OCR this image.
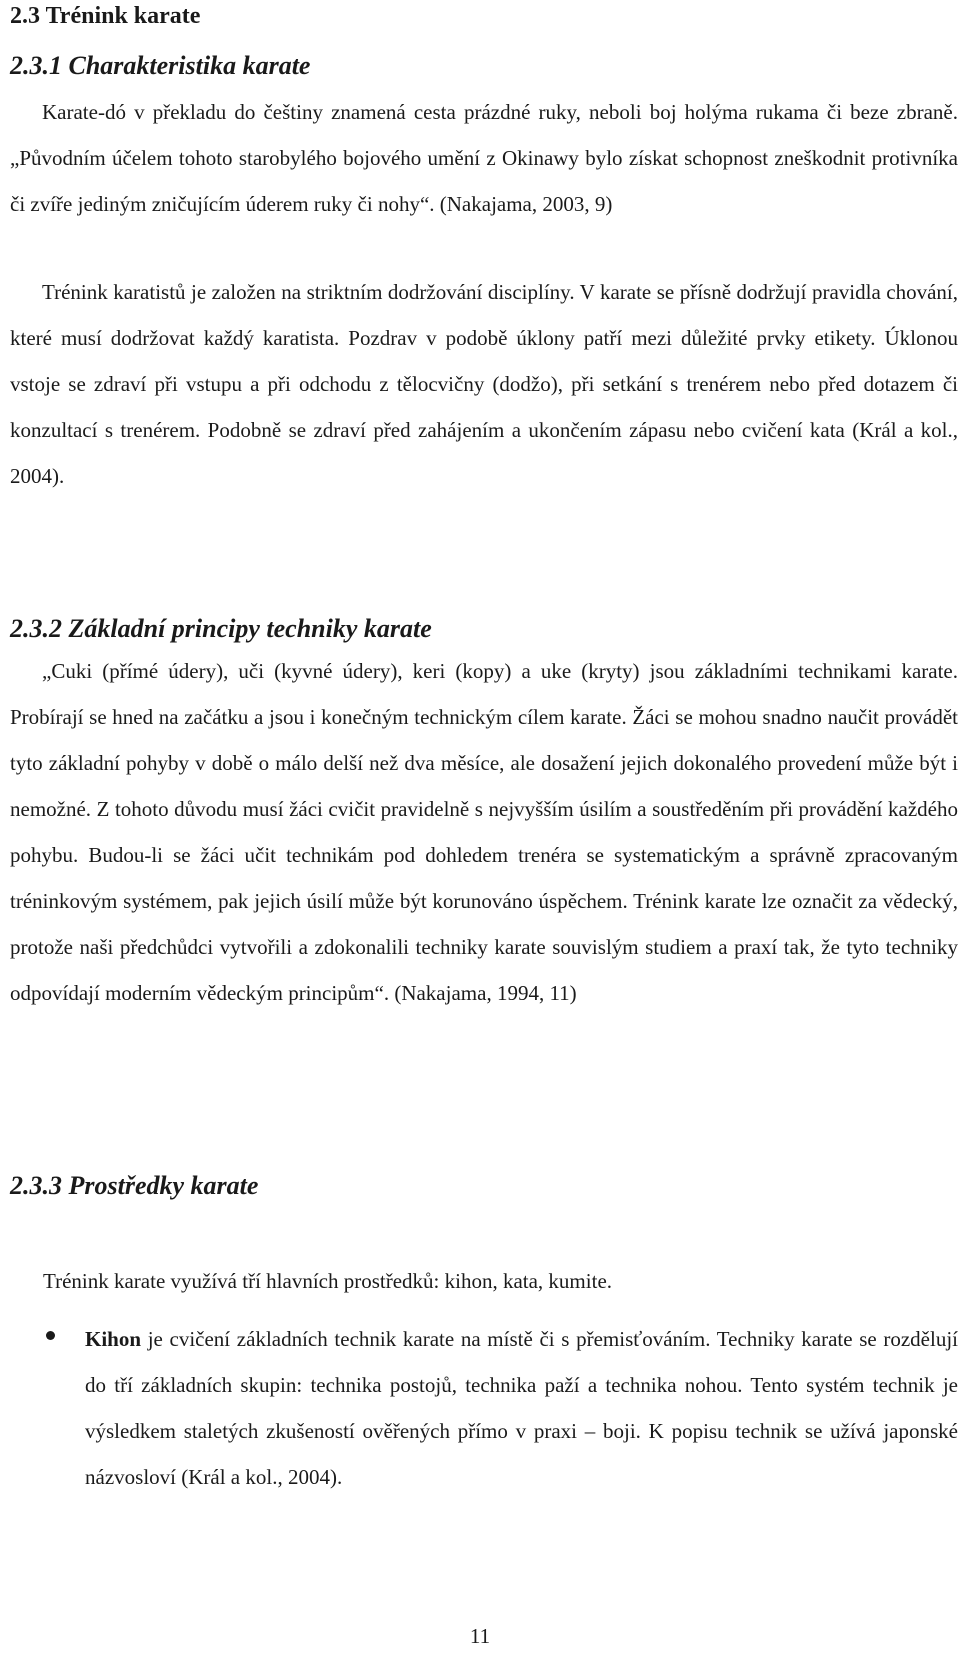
2.3 Trénink karate
2.3.1 Charakteristika karate

Karate-dó v překladu do češtiny znamená cesta prázdné ruky, neboli boj holýma rukama či beze zbraně. „Původním účelem tohoto starobylého bojového umění z Okinawy bylo získat schopnost zneškodnit protivníka či zvíře jediným zničujícím úderem ruky či nohy“. (Nakajama, 2003, 9)

Trénink karatistů je založen na striktním dodržování disciplíny. V karate se přísně dodržují pravidla chování, které musí dodržovat každý karatista. Pozdrav v podobě úklony patří mezi důležité prvky etikety. Úklonou vstoje se zdraví při vstupu a při odchodu z tělocvičny (dodžo), při setkání s trenérem nebo před dotazem či konzultací s trenérem. Podobně se zdraví před zahájením a ukončením zápasu nebo cvičení kata (Král a kol., 2004).

2.3.2 Základní principy techniky karate

„Cuki (přímé údery), uči (kyvné údery), keri (kopy) a uke (kryty) jsou základními technikami karate. Probírají se hned na začátku a jsou i konečným technickým cílem karate. Žáci se mohou snadno naučit provádět tyto základní pohyby v době o málo delší než dva měsíce, ale dosažení jejich dokonalého provedení může být i nemožné. Z tohoto důvodu musí žáci cvičit pravidelně s nejvyšším úsilím a soustředěním při provádění každého pohybu. Budou-li se žáci učit technikám pod dohledem trenéra se systematickým a správně zpracovaným tréninkovým systémem, pak jejich úsilí může být korunováno úspěchem. Trénink karate lze označit za vědecký, protože naši předchůdci vytvořili a zdokonalili techniky karate souvislým studiem a praxí tak, že tyto techniky odpovídají moderním vědeckým principům“. (Nakajama, 1994, 11)

2.3.3 Prostředky karate

Trénink karate využívá tří hlavních prostředků: kihon, kata, kumite.

Kihon je cvičení základních technik karate na místě či s přemisťováním. Techniky karate se rozdělují do tří základních skupin: technika postojů, technika paží a technika nohou. Tento systém technik je výsledkem staletých zkušeností ověřených přímo v praxi – boji. K popisu technik se užívá japonské názvosloví (Král a kol., 2004).

11
